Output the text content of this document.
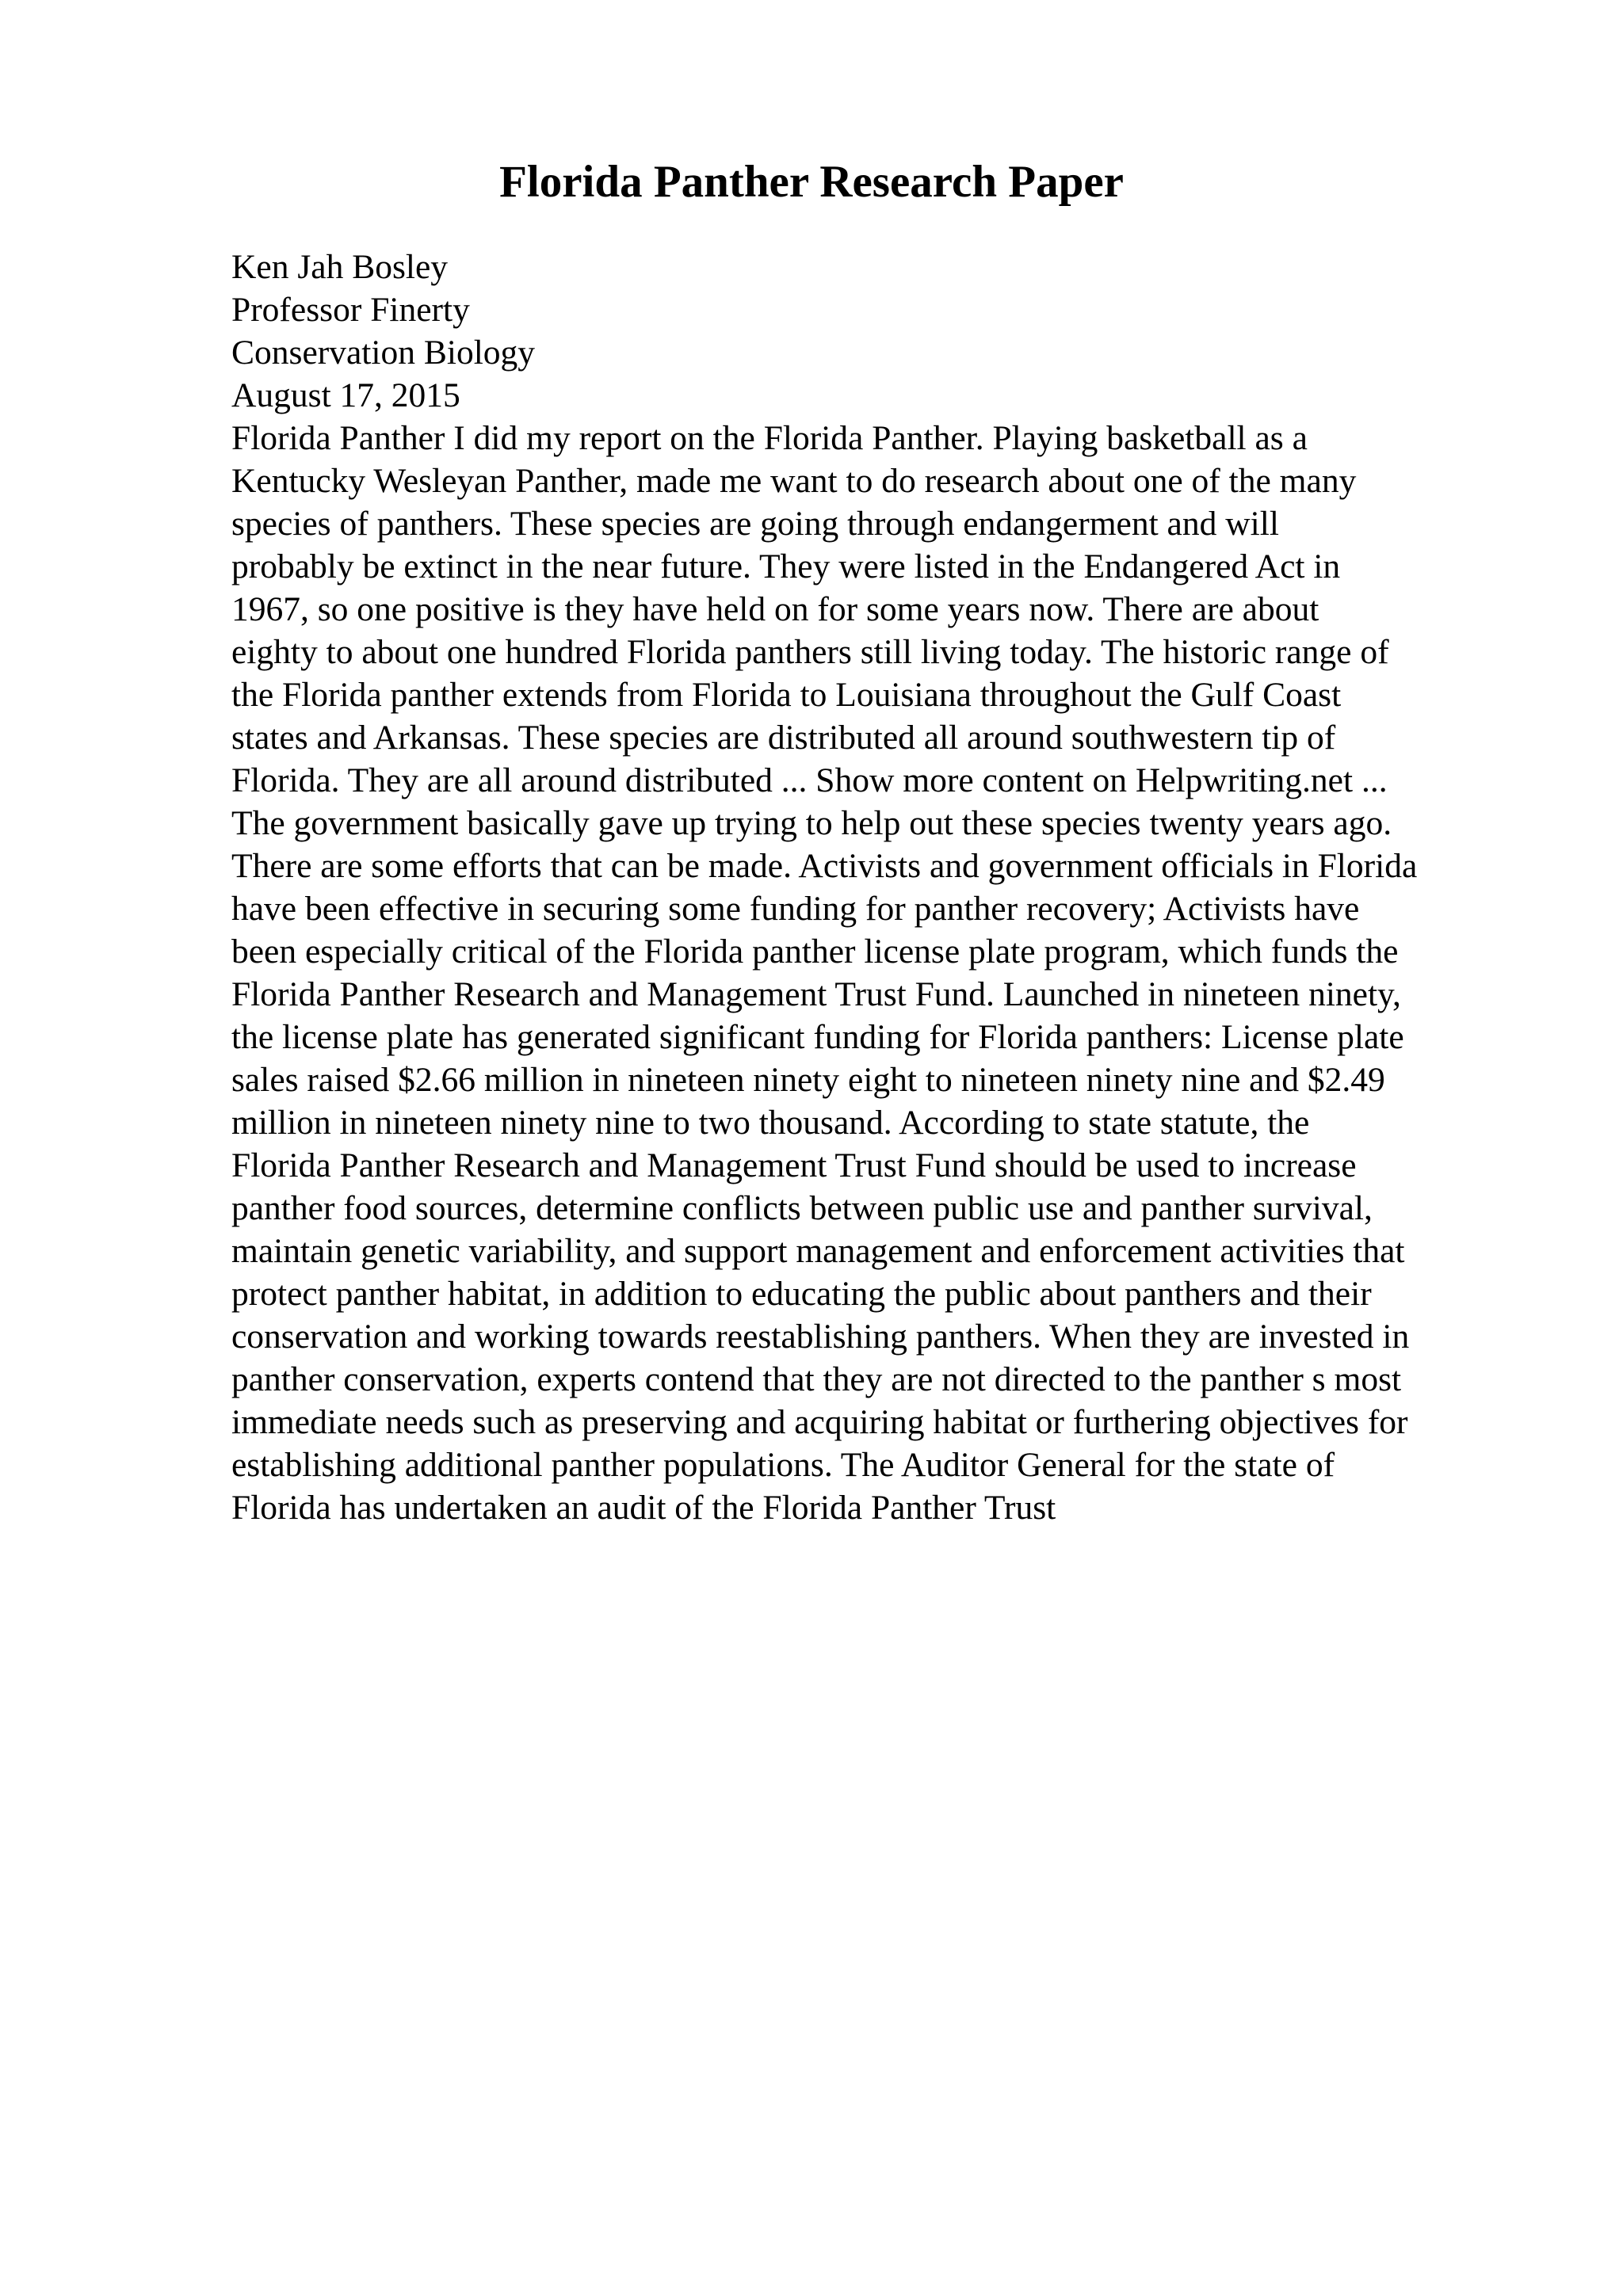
Florida Panther Research Paper
Ken Jah Bosley
Professor Finerty
Conservation Biology
August 17, 2015
Florida Panther I did my report on the Florida Panther. Playing basketball as a
Kentucky Wesleyan Panther, made me want to do research about one of the many
species of panthers. These species are going through endangerment and will
probably be extinct in the near future. They were listed in the Endangered Act in
1967, so one positive is they have held on for some years now. There are about
eighty to about one hundred Florida panthers still living today. The historic range of
the Florida panther extends from Florida to Louisiana throughout the Gulf Coast
states and Arkansas. These species are distributed all around southwestern tip of
Florida. They are all around distributed ... Show more content on Helpwriting.net ...
The government basically gave up trying to help out these species twenty years ago.
There are some efforts that can be made. Activists and government officials in Florida
have been effective in securing some funding for panther recovery; Activists have
been especially critical of the Florida panther license plate program, which funds the
Florida Panther Research and Management Trust Fund. Launched in nineteen ninety,
the license plate has generated significant funding for Florida panthers: License plate
sales raised $2.66 million in nineteen ninety eight to nineteen ninety nine and $2.49
million in nineteen ninety nine to two thousand. According to state statute, the
Florida Panther Research and Management Trust Fund should be used to increase
panther food sources, determine conflicts between public use and panther survival,
maintain genetic variability, and support management and enforcement activities that
protect panther habitat, in addition to educating the public about panthers and their
conservation and working towards reestablishing panthers. When they are invested in
panther conservation, experts contend that they are not directed to the panther s most
immediate needs such as preserving and acquiring habitat or furthering objectives for
establishing additional panther populations. The Auditor General for the state of
Florida has undertaken an audit of the Florida Panther Trust
